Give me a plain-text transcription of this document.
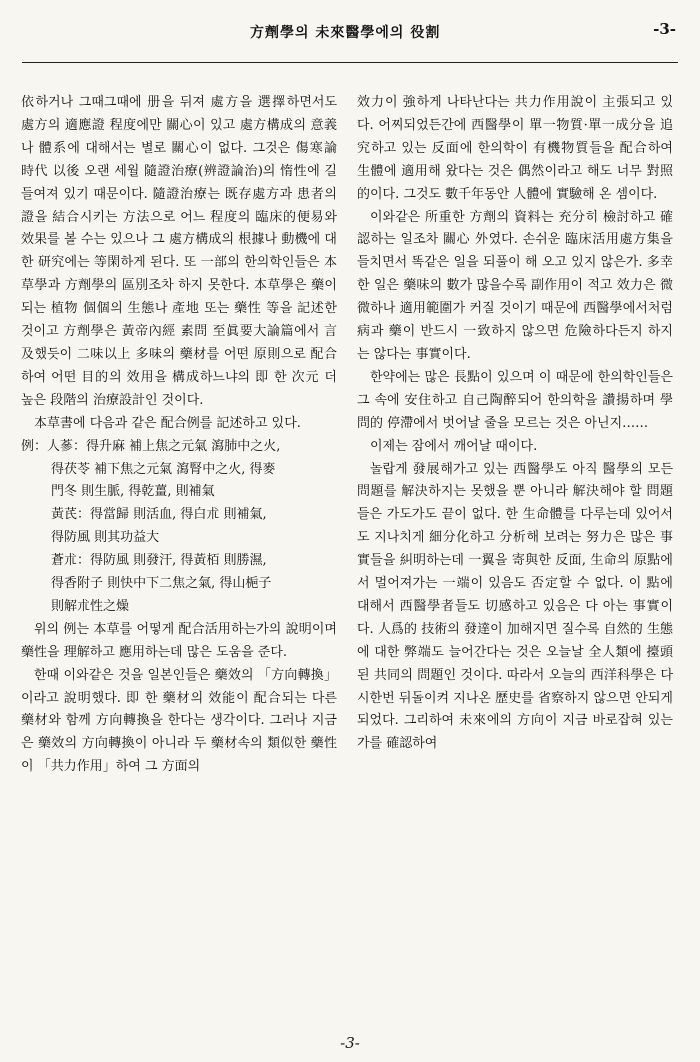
方劑學의 未來醫學에의 役割	-3-

依하거나 그때그때에 册을 뒤져 處方을 選擇하면서도 處方의 適應證 程度에만 關心이 있고 處方構成의 意義나 體系에 대해서는 별로 關心이 없다. 그것은 傷寒論 時代 以後 오랜 세월 隨證治療(辨證論治)의 惰性에 길들여져 있기 때문이다. 隨證治療는 既存處方과 患者의 證을 結合시키는 方法으로 어느 程度의 臨床的便易와 效果를 볼 수는 있으나 그 處方構成의 根據나 動機에 대한 研究에는 等閑하게 된다. 또 一部의 한의학인들은 本草學과 方劑學의 區別조차 하지 못한다. 本草學은 藥이 되는 植物 個個의 生態나 產地 또는 藥性 等을 記述한 것이고 方劑學은 黃帝內經 素問 至眞要大論篇에서 言及했듯이 二味以上 多味의 藥材를 어떤 原則으로 配合하여 어떤 目的의 效用을 構成하느냐의 即 한 次元 더 높은 段階의 治療設計인 것이다.

本草書에 다음과 같은 配合例를 記述하고 있다.

例：人蔘：得升麻 補上焦之元氣 瀉肺中之火,
得茯苓 補下焦之元氣 瀉腎中之火, 得麥
門冬 則生脈, 得乾薑, 則補氣
黃芪：得當歸 則活血, 得白朮 則補氣,
得防風 則其功益大
蒼朮：得防風 則發汗, 得黃栢 則勝濕,
得香附子 則快中下二焦之氣, 得山梔子
則解朮性之燥

위의 例는 本草를 어떻게 配合活用하는가의 說明이며 藥性을 理解하고 應用하는데 많은 도움을 준다.

한때 이와같은 것을 일본인들은 藥效의 「方向轉換」이라고 說明했다. 即 한 藥材의 效能이 配合되는 다른 藥材와 함께 方向轉換을 한다는 생각이다. 그러나 지금은 藥效의 方向轉換이 아니라 두 藥材속의 類似한 藥性이 「共力作用」하여 그 方面의

效力이 強하게 나타난다는 共力作用說이 主張되고 있다. 어찌되었든간에 西醫學이 單一物質·單一成分을 追究하고 있는 反面에 한의학이 有機物質들을 配合하여 生體에 適用해 왔다는 것은 偶然이라고 해도 너무 對照的이다. 그것도 數千年동안 人體에 實驗해 온 셈이다.

이와같은 所重한 方劑의 資料는 充分히 檢討하고 確認하는 일조차 關心 外였다. 손쉬운 臨床活用處方集을 들치면서 똑같은 일을 되풀이 해 오고 있지 않은가. 多幸한 일은 藥味의 數가 많을수록 副作用이 적고 效力은 微微하나 適用範圍가 커질 것이기 때문에 西醫學에서처럼 病과 藥이 반드시 一致하지 않으면 危險하다든지 하지는 않다는 事實이다.

한약에는 많은 長點이 있으며 이 때문에 한의학인들은 그 속에 安住하고 自己陶醉되어 한의학을 讚揚하며 學問的 停滯에서 벗어날 줄을 모르는 것은 아닌지……

이제는 잠에서 깨어날 때이다.

놀랍게 發展해가고 있는 西醫學도 아직 醫學의 모든 問題를 解決하지는 못했을 뿐 아니라 解決해야 할 問題들은 가도가도 끝이 없다. 한 生命體를 다루는데 있어서도 지나치게 細分化하고 分析해 보려는 努力은 많은 事實들을 糾明하는데 一翼을 寄與한 反面, 生命의 原點에서 멀어져가는 一端이 있음도 否定할 수 없다. 이 點에 대해서 西醫學者들도 切感하고 있음은 다 아는 事實이다. 人爲的 技術의 發達이 加해지면 질수록 自然的 生態에 대한 弊端도 늘어간다는 것은 오늘날 全人類에 擡頭된 共同의 問題인 것이다. 따라서 오늘의 西洋科學은 다시한번 뒤돌이켜 지나온 歷史를 省察하지 않으면 안되게 되었다. 그리하여 未來에의 方向이 지금 바로잡혀 있는가를 確認하여

-3-
